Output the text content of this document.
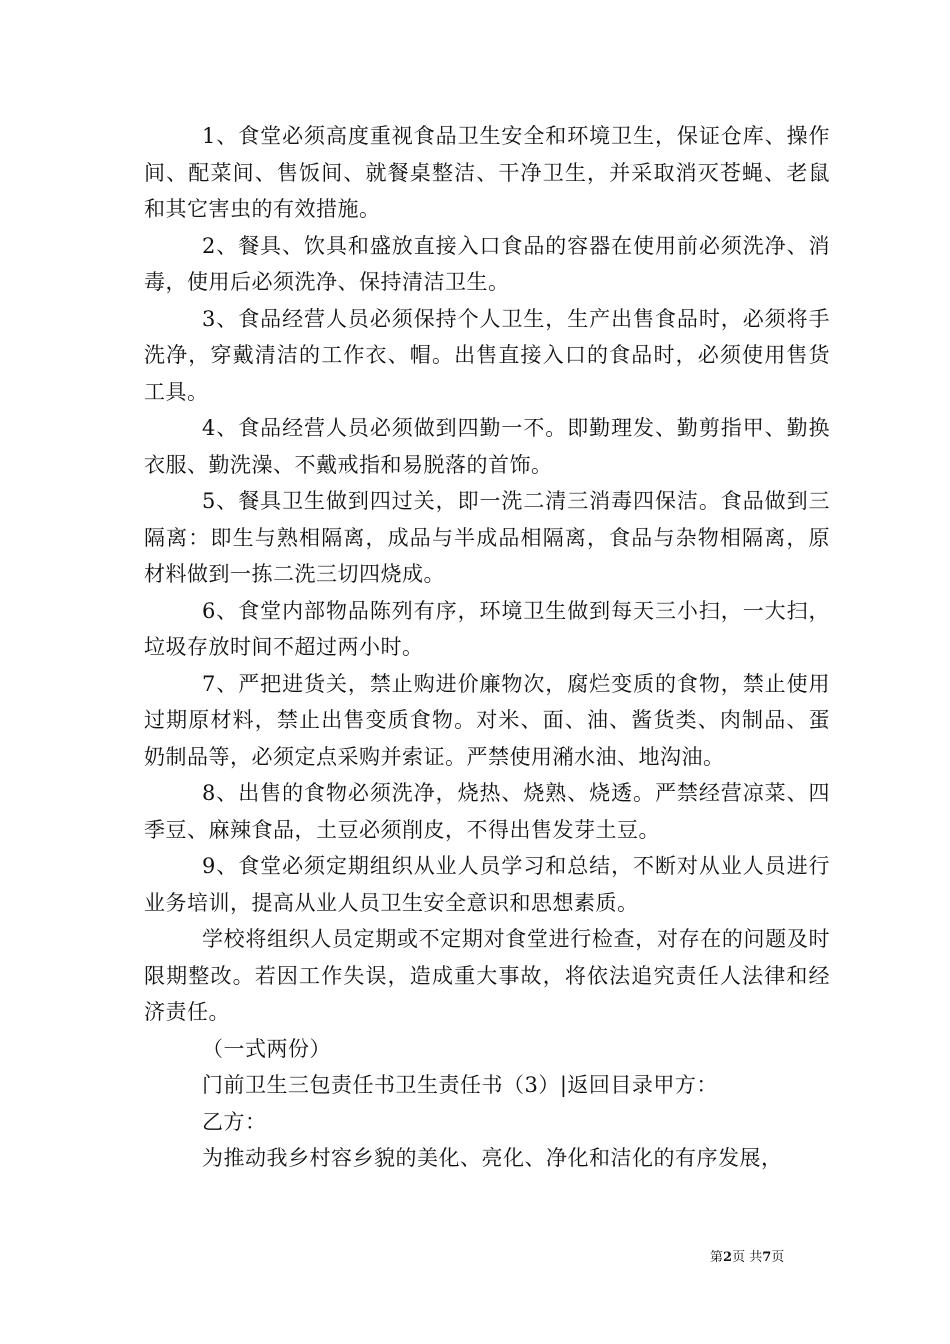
1、食堂必须高度重视食品卫生安全和环境卫生，保证仓库、操作间、配菜间、售饭间、就餐桌整洁、干净卫生，并采取消灭苍蝇、老鼠和其它害虫的有效措施。

2、餐具、饮具和盛放直接入口食品的容器在使用前必须洗净、消毒，使用后必须洗净、保持清洁卫生。

3、食品经营人员必须保持个人卫生，生产出售食品时，必须将手洗净，穿戴清洁的工作衣、帽。出售直接入口的食品时，必须使用售货工具。

4、食品经营人员必须做到四勤一不。即勤理发、勤剪指甲、勤换衣服、勤洗澡、不戴戒指和易脱落的首饰。

5、餐具卫生做到四过关，即一洗二清三消毒四保洁。食品做到三隔离：即生与熟相隔离，成品与半成品相隔离，食品与杂物相隔离，原材料做到一拣二洗三切四烧成。

6、食堂内部物品陈列有序，环境卫生做到每天三小扫，一大扫，垃圾存放时间不超过两小时。

7、严把进货关，禁止购进价廉物次，腐烂变质的食物，禁止使用过期原材料，禁止出售变质食物。对米、面、油、酱货类、肉制品、蛋奶制品等，必须定点采购并索证。严禁使用潲水油、地沟油。

8、出售的食物必须洗净，烧热、烧熟、烧透。严禁经营凉菜、四季豆、麻辣食品，土豆必须削皮，不得出售发芽土豆。

9、食堂必须定期组织从业人员学习和总结，不断对从业人员进行业务培训，提高从业人员卫生安全意识和思想素质。

学校将组织人员定期或不定期对食堂进行检查，对存在的问题及时限期整改。若因工作失误，造成重大事故，将依法追究责任人法律和经济责任。

（一式两份）

门前卫生三包责任书卫生责任书（3）|返回目录甲方：

乙方：

为推动我乡村容乡貌的美化、亮化、净化和洁化的有序发展，

第2页 共7页
